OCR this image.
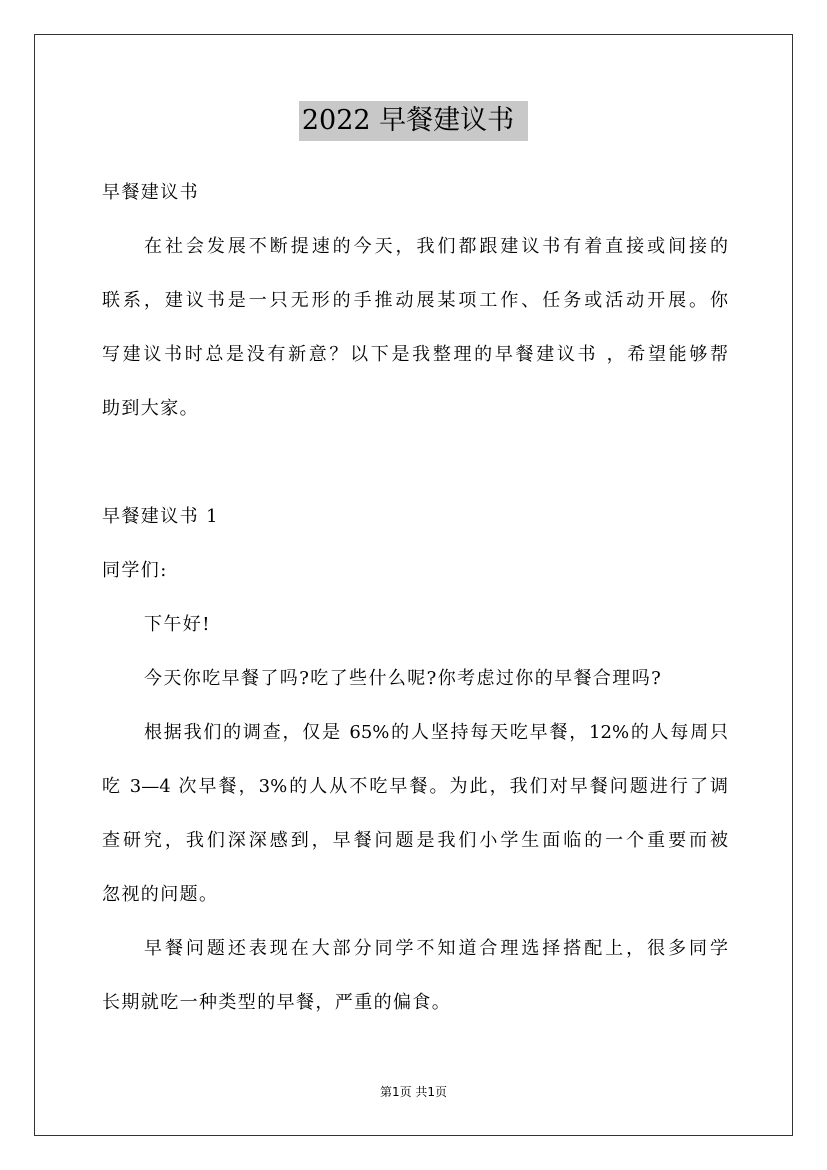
2022 早餐建议书
早餐建议书
在社会发展不断提速的今天，我们都跟建议书有着直接或间接的
联系，建议书是一只无形的手推动展某项工作、任务或活动开展。你
写建议书时总是没有新意？以下是我整理的早餐建议书 ，希望能够帮
助到大家。
早餐建议书 1
同学们:
下午好!
今天你吃早餐了吗?吃了些什么呢?你考虑过你的早餐合理吗?
根据我们的调查，仅是 65%的人坚持每天吃早餐，12%的人每周只
吃 3—4 次早餐，3%的人从不吃早餐。为此，我们对早餐问题进行了调
查研究，我们深深感到，早餐问题是我们小学生面临的一个重要而被
忽视的问题。
早餐问题还表现在大部分同学不知道合理选择搭配上，很多同学
长期就吃一种类型的早餐，严重的偏食。
第1页 共1页
